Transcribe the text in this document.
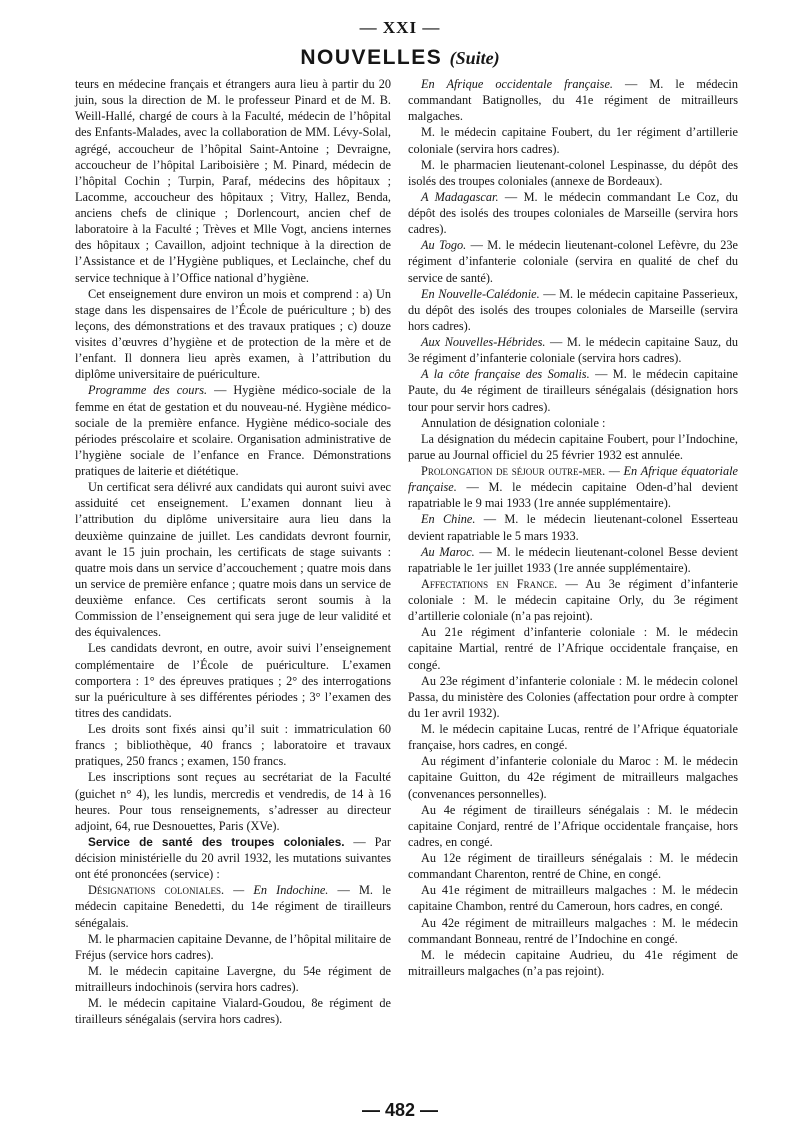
— XXI —
NOUVELLES (Suite)

teurs en médecine français et étrangers aura lieu à partir du 20 juin, sous la direction de M. le professeur Pinard et de M. B. Weill-Hallé, chargé de cours à la Faculté, médecin de l’hôpital des Enfants-Malades, avec la collaboration de MM. Lévy-Solal, agrégé, accoucheur de l’hôpital Saint-Antoine ; Devraigne, accoucheur de l’hôpital Lariboisière ; M. Pinard, médecin de l’hôpital Cochin ; Turpin, Paraf, médecins des hôpitaux ; Lacomme, accoucheur des hôpitaux ; Vitry, Hallez, Benda, anciens chefs de clinique ; Dorlencourt, ancien chef de laboratoire à la Faculté ; Trèves et Mlle Vogt, anciens internes des hôpitaux ; Cavaillon, adjoint technique à la direction de l’Assistance et de l’Hygiène publiques, et Leclainche, chef du service technique à l’Office national d’hygiène.

Cet enseignement dure environ un mois et comprend : a) Un stage dans les dispensaires de l’École de puériculture ; b) des leçons, des démonstrations et des travaux pratiques ; c) douze visites d’œuvres d’hygiène et de protection de la mère et de l’enfant. Il donnera lieu après examen, à l’attribution du diplôme universitaire de puériculture.

Programme des cours. — Hygiène médico-sociale de la femme en état de gestation et du nouveau-né. Hygiène médico-sociale de la première enfance. Hygiène médico-sociale des périodes préscolaire et scolaire. Organisation administrative de l’hygiène sociale de l’enfance en France. Démonstrations pratiques de laiterie et diététique.

Un certificat sera délivré aux candidats qui auront suivi avec assiduité cet enseignement. L’examen donnant lieu à l’attribution du diplôme universitaire aura lieu dans la deuxième quinzaine de juillet. Les candidats devront fournir, avant le 15 juin prochain, les certificats de stage suivants : quatre mois dans un service d’accouchement ; quatre mois dans un service de première enfance ; quatre mois dans un service de deuxième enfance. Ces certificats seront soumis à la Commission de l’enseignement qui sera juge de leur validité et des équivalences.

Les candidats devront, en outre, avoir suivi l’enseignement complémentaire de l’École de puériculture. L’examen comportera : 1° des épreuves pratiques ; 2° des interrogations sur la puériculture à ses différentes périodes ; 3° l’examen des titres des candidats.

Les droits sont fixés ainsi qu’il suit : immatriculation 60 francs ; bibliothèque, 40 francs ; laboratoire et travaux pratiques, 250 francs ; examen, 150 francs.

Les inscriptions sont reçues au secrétariat de la Faculté (guichet n° 4), les lundis, mercredis et vendredis, de 14 à 16 heures. Pour tous renseignements, s’adresser au directeur adjoint, 64, rue Desnouettes, Paris (XVe).

Service de santé des troupes coloniales. — Par décision ministérielle du 20 avril 1932, les mutations suivantes ont été prononcées (service) :

Désignations coloniales. — En Indochine. — M. le médecin capitaine Benedetti, du 14e régiment de tirailleurs sénégalais.

M. le pharmacien capitaine Devanne, de l’hôpital militaire de Fréjus (service hors cadres).

M. le médecin capitaine Lavergne, du 54e régiment de mitrailleurs indochinois (servira hors cadres).

M. le médecin capitaine Vialard-Goudou, 8e régiment de tirailleurs sénégalais (servira hors cadres).

En Afrique occidentale française. — M. le médecin commandant Batignolles, du 41e régiment de mitrailleurs malgaches.

M. le médecin capitaine Foubert, du 1er régiment d’artillerie coloniale (servira hors cadres).

M. le pharmacien lieutenant-colonel Lespinasse, du dépôt des isolés des troupes coloniales (annexe de Bordeaux).

A Madagascar. — M. le médecin commandant Le Coz, du dépôt des isolés des troupes coloniales de Marseille (servira hors cadres).

Au Togo. — M. le médecin lieutenant-colonel Lefèvre, du 23e régiment d’infanterie coloniale (servira en qualité de chef du service de santé).

En Nouvelle-Calédonie. — M. le médecin capitaine Passerieux, du dépôt des isolés des troupes coloniales de Marseille (servira hors cadres).

Aux Nouvelles-Hébrides. — M. le médecin capitaine Sauz, du 3e régiment d’infanterie coloniale (servira hors cadres).

A la côte française des Somalis. — M. le médecin capitaine Paute, du 4e régiment de tirailleurs sénégalais (désignation hors tour pour servir hors cadres).

Annulation de désignation coloniale :

La désignation du médecin capitaine Foubert, pour l’Indochine, parue au Journal officiel du 25 février 1932 est annulée.

Prolongation de séjour outre-mer. — En Afrique équatoriale française. — M. le médecin capitaine Oden-d’hal devient rapatriable le 9 mai 1933 (1re année supplémentaire).

En Chine. — M. le médecin lieutenant-colonel Esserteau devient rapatriable le 5 mars 1933.

Au Maroc. — M. le médecin lieutenant-colonel Besse devient rapatriable le 1er juillet 1933 (1re année supplémentaire).

Affectations en France. — Au 3e régiment d’infanterie coloniale : M. le médecin capitaine Orly, du 3e régiment d’artillerie coloniale (n’a pas rejoint).

Au 21e régiment d’infanterie coloniale : M. le médecin capitaine Martial, rentré de l’Afrique occidentale française, en congé.

Au 23e régiment d’infanterie coloniale : M. le médecin colonel Passa, du ministère des Colonies (affectation pour ordre à compter du 1er avril 1932).

M. le médecin capitaine Lucas, rentré de l’Afrique équatoriale française, hors cadres, en congé.

Au régiment d’infanterie coloniale du Maroc : M. le médecin capitaine Guitton, du 42e régiment de mitrailleurs malgaches (convenances personnelles).

Au 4e régiment de tirailleurs sénégalais : M. le médecin capitaine Conjard, rentré de l’Afrique occidentale française, hors cadres, en congé.

Au 12e régiment de tirailleurs sénégalais : M. le médecin commandant Charenton, rentré de Chine, en congé.

Au 41e régiment de mitrailleurs malgaches : M. le médecin capitaine Chambon, rentré du Cameroun, hors cadres, en congé.

Au 42e régiment de mitrailleurs malgaches : M. le médecin commandant Bonneau, rentré de l’Indochine en congé.

M. le médecin capitaine Audrieu, du 41e régiment de mitrailleurs malgaches (n’a pas rejoint).

— 482 —
